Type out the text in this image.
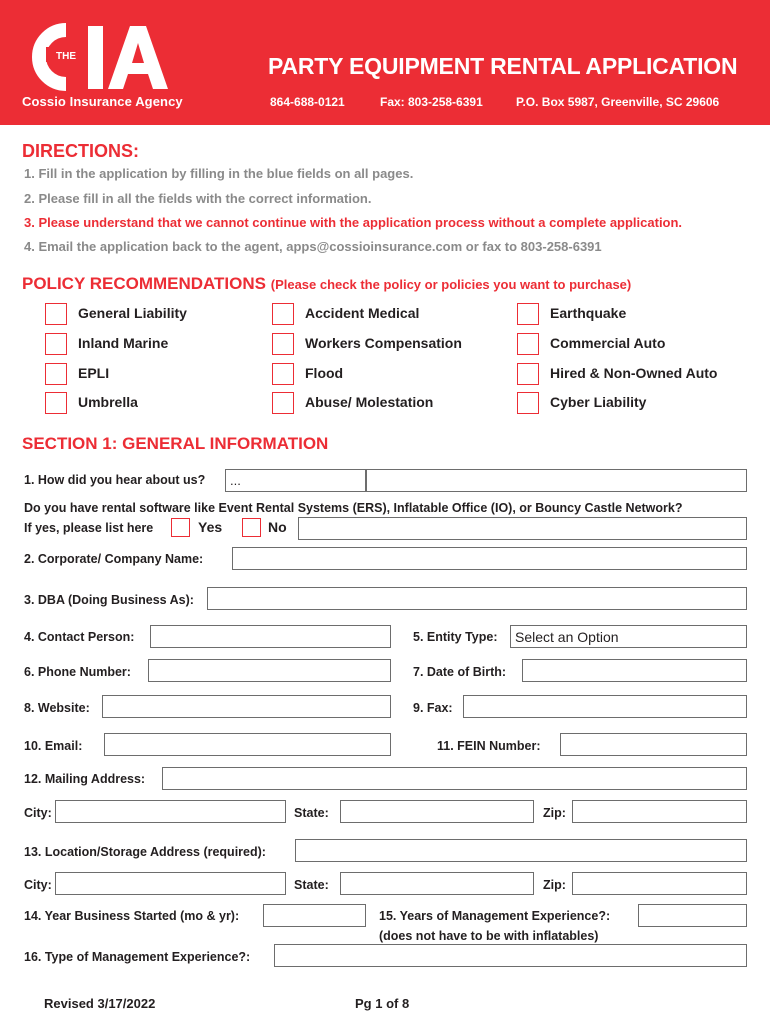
THE
Cossio Insurance Agency
PARTY EQUIPMENT RENTAL APPLICATION
864-688-0121	Fax: 803-258-6391	P.O. Box 5987, Greenville, SC 29606
DIRECTIONS:
1. Fill in the application by filling in the blue fields on all pages.
2. Please fill in all the fields with the correct information.
3. Please understand that we cannot continue with the application process without a complete application.
4. Email the application back to the agent, apps@cossioinsurance.com or fax to 803-258-6391
POLICY RECOMMENDATIONS (Please check the policy or policies you want to purchase)
General Liability	Accident Medical	Earthquake
Inland Marine	Workers Compensation	Commercial Auto
EPLI	Flood	Hired & Non-Owned Auto
Umbrella	Abuse/ Molestation	Cyber Liability
SECTION 1: GENERAL INFORMATION
1. How did you hear about us?	...
Do you have rental software like Event Rental Systems (ERS), Inflatable Office (IO), or Bouncy Castle Network?
If yes, please list here	Yes	No
2. Corporate/ Company Name:
3. DBA (Doing Business As):
4. Contact Person:	5. Entity Type:	Select an Option
6. Phone Number:	7. Date of Birth:
8. Website:	9. Fax:
10. Email:	11. FEIN Number:
12. Mailing Address:
City:	State:	Zip:
13. Location/Storage Address (required):
City:	State:	Zip:
14. Year Business Started (mo & yr):	15. Years of Management Experience?:
(does not have to be with inflatables)
16. Type of Management Experience?:
Revised 3/17/2022	Pg 1 of 8
